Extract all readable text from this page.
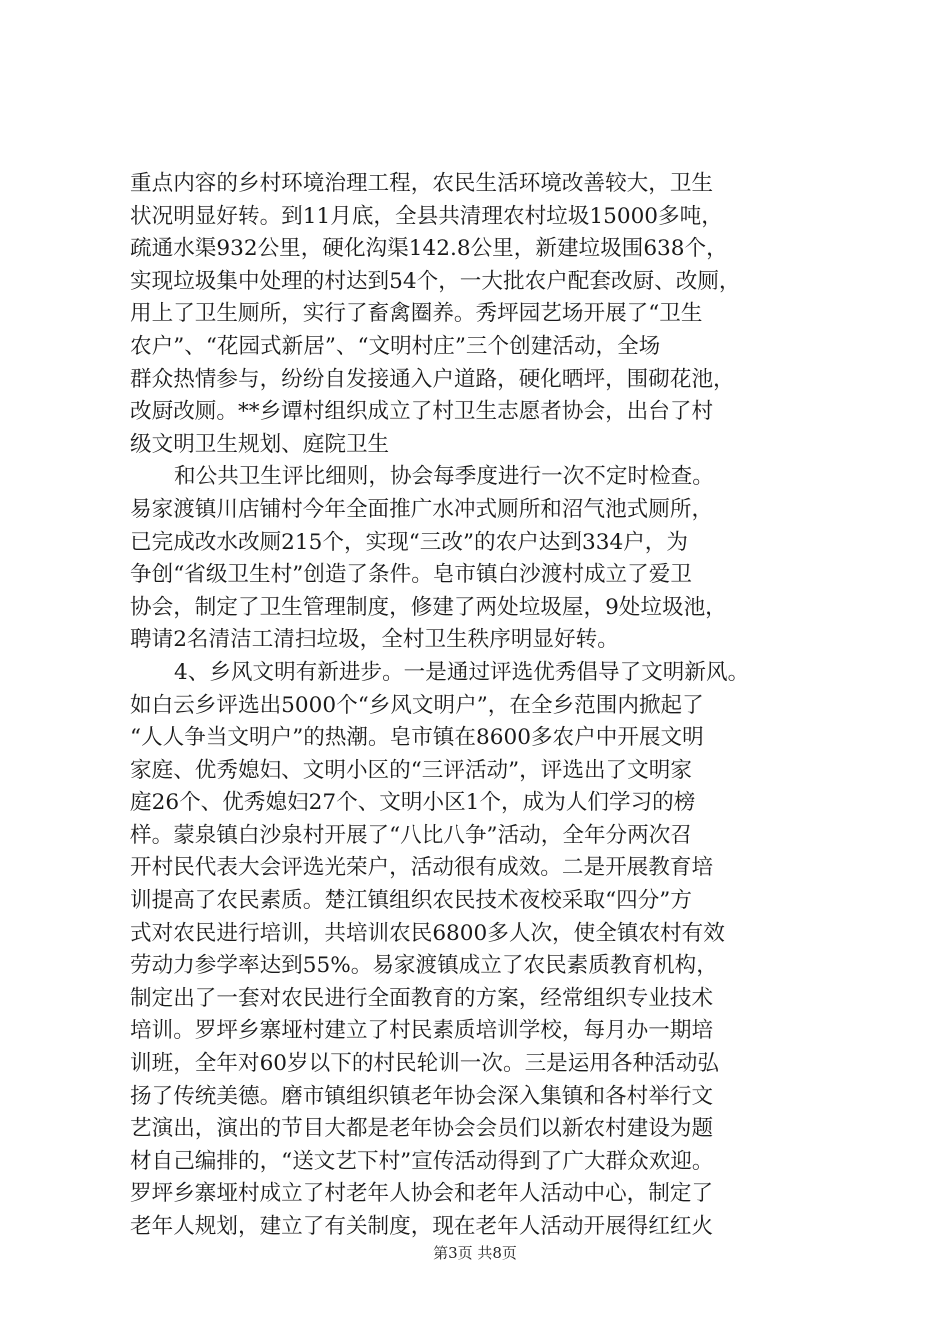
重点内容的乡村环境治理工程，农民生活环境改善较大，卫生
状况明显好转。到11月底，全县共清理农村垃圾15000多吨，
疏通水渠932公里，硬化沟渠142.8公里，新建垃圾围638个，
实现垃圾集中处理的村达到54个，一大批农户配套改厨、改厕，
用上了卫生厕所，实行了畜禽圈养。秀坪园艺场开展了“卫生
农户”、“花园式新居”、“文明村庄”三个创建活动，全场
群众热情参与，纷纷自发接通入户道路，硬化晒坪，围砌花池，
改厨改厕。**乡谭村组织成立了村卫生志愿者协会，出台了村
级文明卫生规划、庭院卫生
和公共卫生评比细则，协会每季度进行一次不定时检查。
易家渡镇川店铺村今年全面推广水冲式厕所和沼气池式厕所，
已完成改水改厕215个，实现“三改”的农户达到334户，为
争创“省级卫生村”创造了条件。皂市镇白沙渡村成立了爱卫
协会，制定了卫生管理制度，修建了两处垃圾屋，9处垃圾池，
聘请2名清洁工清扫垃圾，全村卫生秩序明显好转。
4、乡风文明有新进步。一是通过评选优秀倡导了文明新风。
如白云乡评选出5000个“乡风文明户”，在全乡范围内掀起了
“人人争当文明户”的热潮。皂市镇在8600多农户中开展文明
家庭、优秀媳妇、文明小区的“三评活动”，评选出了文明家
庭26个、优秀媳妇27个、文明小区1个，成为人们学习的榜
样。蒙泉镇白沙泉村开展了“八比八争”活动，全年分两次召
开村民代表大会评选光荣户，活动很有成效。二是开展教育培
训提高了农民素质。楚江镇组织农民技术夜校采取“四分”方
式对农民进行培训，共培训农民6800多人次，使全镇农村有效
劳动力参学率达到55%。易家渡镇成立了农民素质教育机构，
制定出了一套对农民进行全面教育的方案，经常组织专业技术
培训。罗坪乡寨垭村建立了村民素质培训学校，每月办一期培
训班，全年对60岁以下的村民轮训一次。三是运用各种活动弘
扬了传统美德。磨市镇组织镇老年协会深入集镇和各村举行文
艺演出，演出的节目大都是老年协会会员们以新农村建设为题
材自己编排的，“送文艺下村”宣传活动得到了广大群众欢迎。
罗坪乡寨垭村成立了村老年人协会和老年人活动中心，制定了
老年人规划，建立了有关制度，现在老年人活动开展得红红火
第3页 共8页
